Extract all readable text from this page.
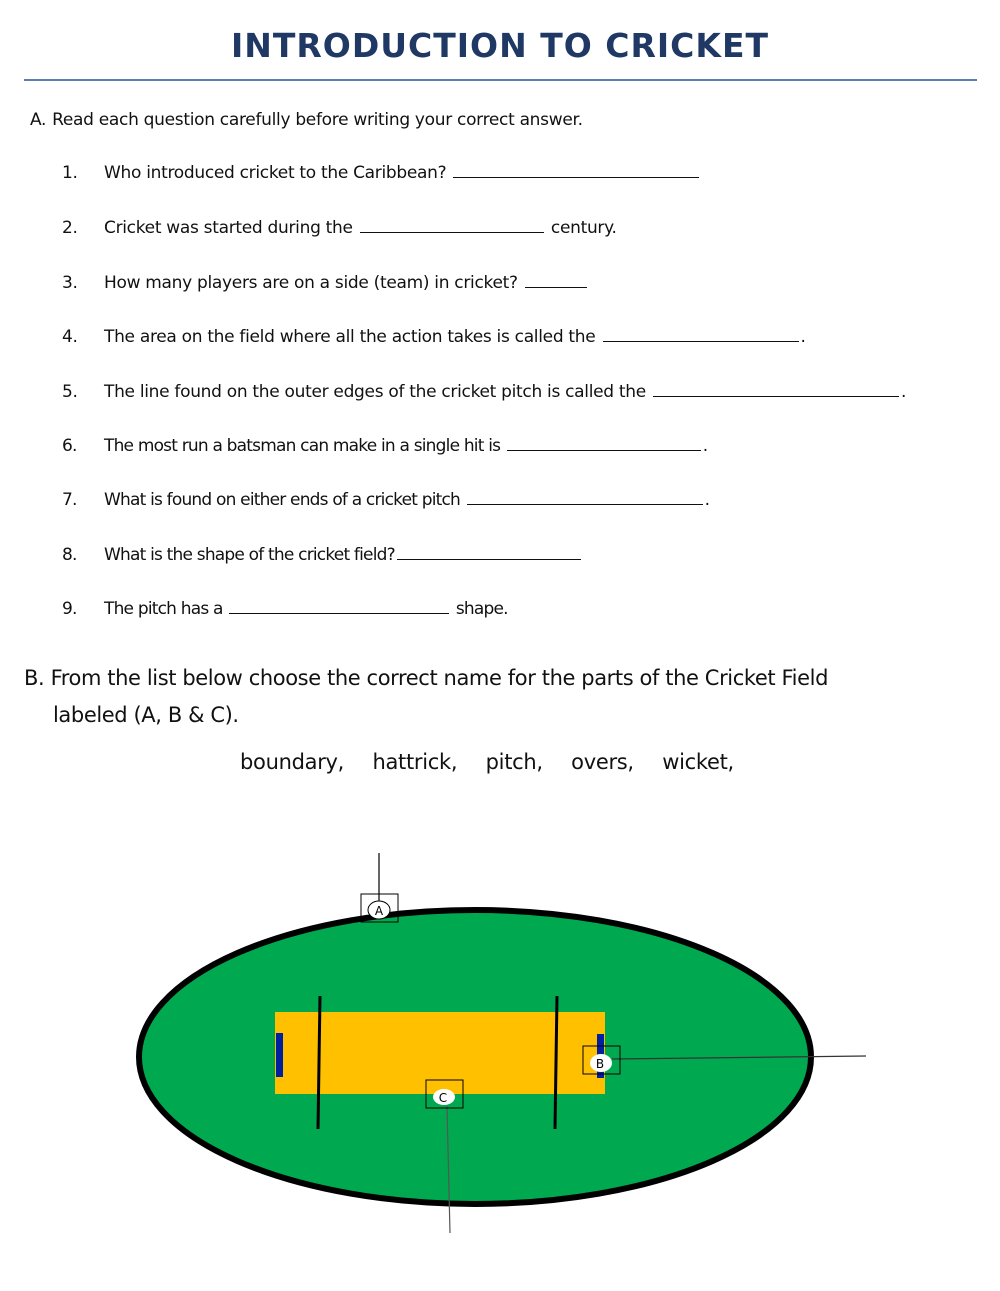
INTRODUCTION TO CRICKET
A. Read each question carefully before writing your correct answer.
1. Who introduced cricket to the Caribbean?
2. Cricket was started during the	century.
3. How many players are on a side (team) in cricket?
4. The area on the field where all the action takes is called the	.
5. The line found on the outer edges of the cricket pitch is called the	.
6. The most run a batsman can make in a single hit is	.
7. What is found on either ends of a cricket pitch	.
8. What is the shape of the cricket field?
9. The pitch has a	shape.
B. From the list below choose the correct name for the parts of the Cricket Field
labeled (A, B & C).
boundary, hattrick, pitch, overs, wicket,
A
B
C
